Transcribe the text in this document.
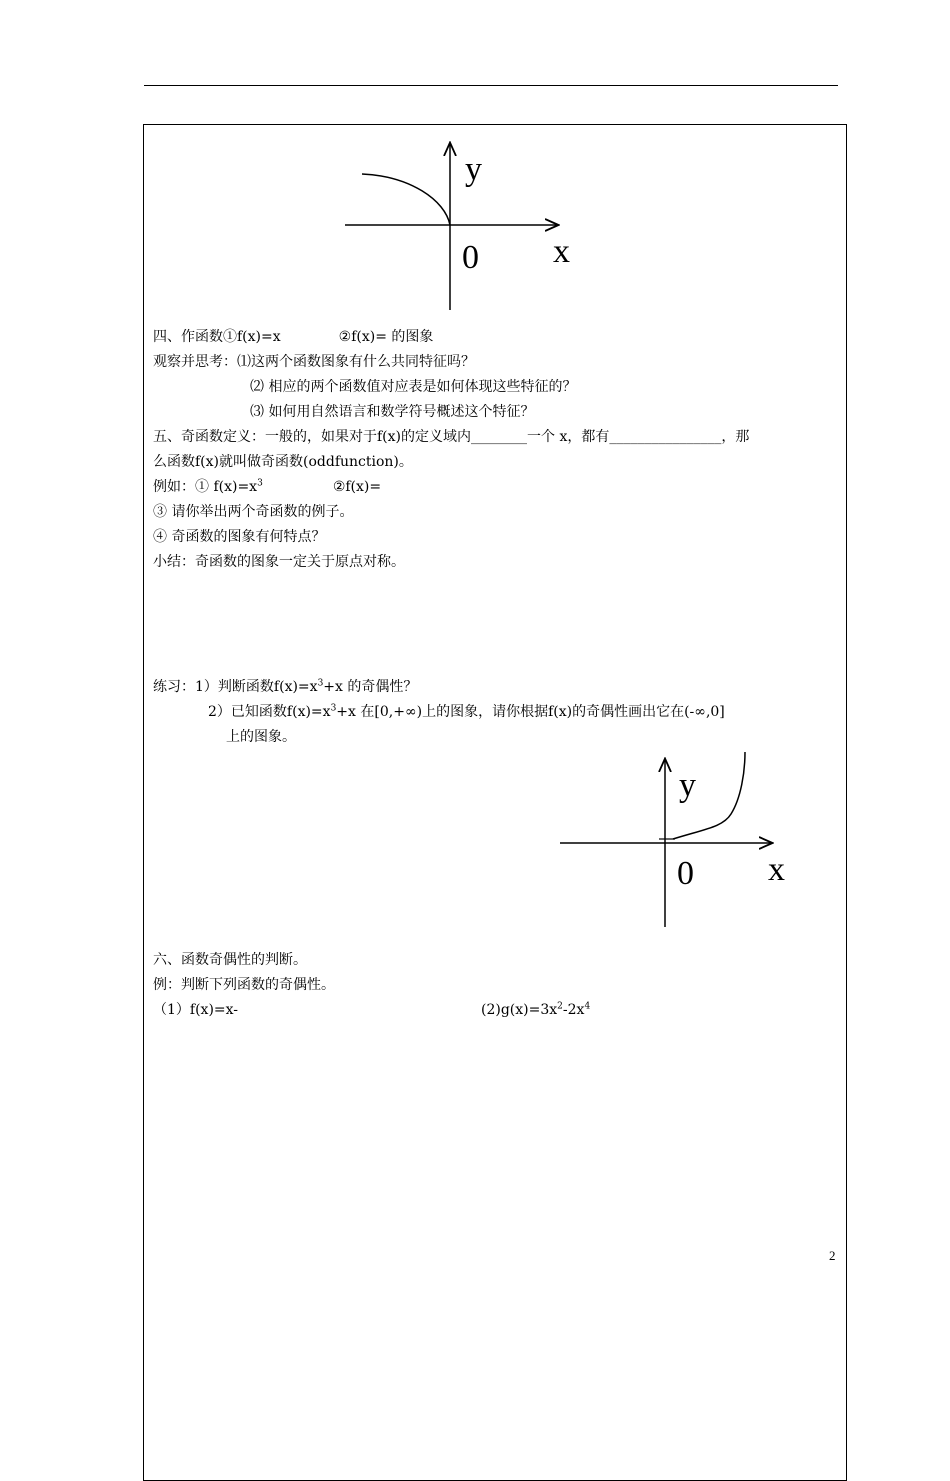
y
0 x
四、作函数①f(x)=x	②f(x)= 的图象
观察并思考：⑴这两个函数图象有什么共同特征吗？
⑵ 相应的两个函数值对应表是如何体现这些特征的？
⑶ 如何用自然语言和数学符号概述这个特征？
五、奇函数定义：一般的，如果对于f(x)的定义域内________一个 x，都有________________，那
么函数f(x)就叫做奇函数(oddfunction)。
例如：① $f(x)=x^3$	②f(x)=
③ 请你举出两个奇函数的例子。
④ 奇函数的图象有何特点？
小结：奇函数的图象一定关于原点对称。
练习：1）判断函数$f(x)=x^3+x$ 的奇偶性？
2）已知函数$f(x)=x^3+x$ 在[0,+∞)上的图象，请你根据f(x)的奇偶性画出它在(-∞,0]
上的图象。
y
0 x
六、函数奇偶性的判断。
例：判断下列函数的奇偶性。
（1）f(x)=x-	$(2)g(x)=3x^2-2x^4$
2
